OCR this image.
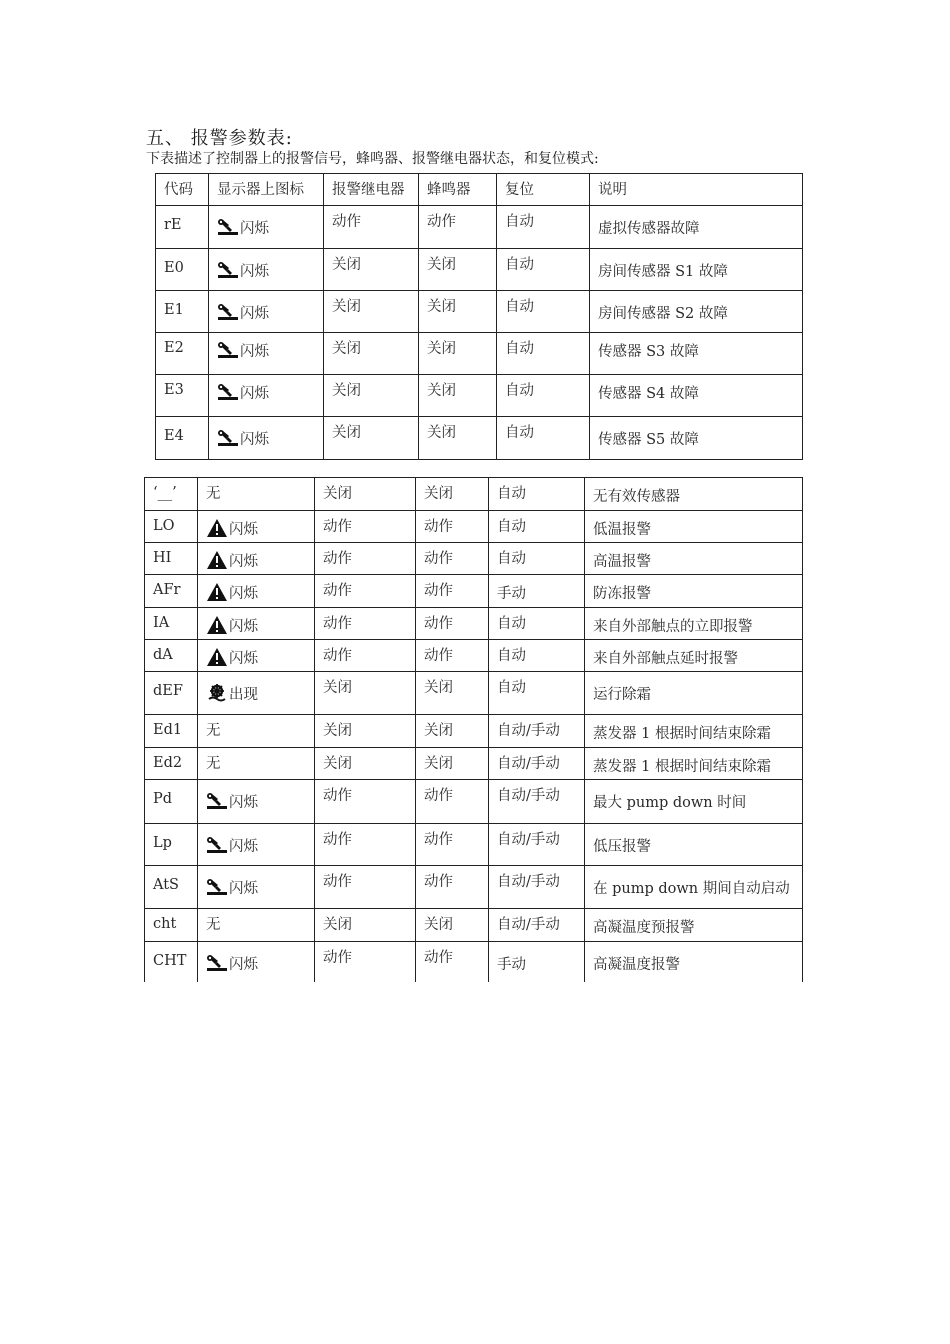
五、 报警参数表:
下表描述了控制器上的报警信号，蜂鸣器、报警继电器状态，和复位模式:
代码	显示器上图标	报警继电器	蜂鸣器	复位	说明
rE	闪烁	动作	动作	自动	虚拟传感器故障
E0	闪烁	关闭	关闭	自动	房间传感器 S1 故障
E1	闪烁	关闭	关闭	自动	房间传感器 S2 故障
E2	闪烁	关闭	关闭	自动	传感器 S3 故障
E3	闪烁	关闭	关闭	自动	传感器 S4 故障
E4	闪烁	关闭	关闭	自动	传感器 S5 故障
‘__’	无	关闭	关闭	自动	无有效传感器
LO	闪烁	动作	动作	自动	低温报警
HI	闪烁	动作	动作	自动	高温报警
AFr	闪烁	动作	动作	手动	防冻报警
IA	闪烁	动作	动作	自动	来自外部触点的立即报警
dA	闪烁	动作	动作	自动	来自外部触点延时报警
dEF	出现	关闭	关闭	自动	运行除霜
Ed1	无	关闭	关闭	自动/手动	蒸发器 1 根据时间结束除霜
Ed2	无	关闭	关闭	自动/手动	蒸发器 1 根据时间结束除霜
Pd	闪烁	动作	动作	自动/手动	最大 pump down 时间
Lp	闪烁	动作	动作	自动/手动	低压报警
AtS	闪烁	动作	动作	自动/手动	在 pump down 期间自动启动
cht	无	关闭	关闭	自动/手动	高凝温度预报警
CHT	闪烁	动作	动作	手动	高凝温度报警
